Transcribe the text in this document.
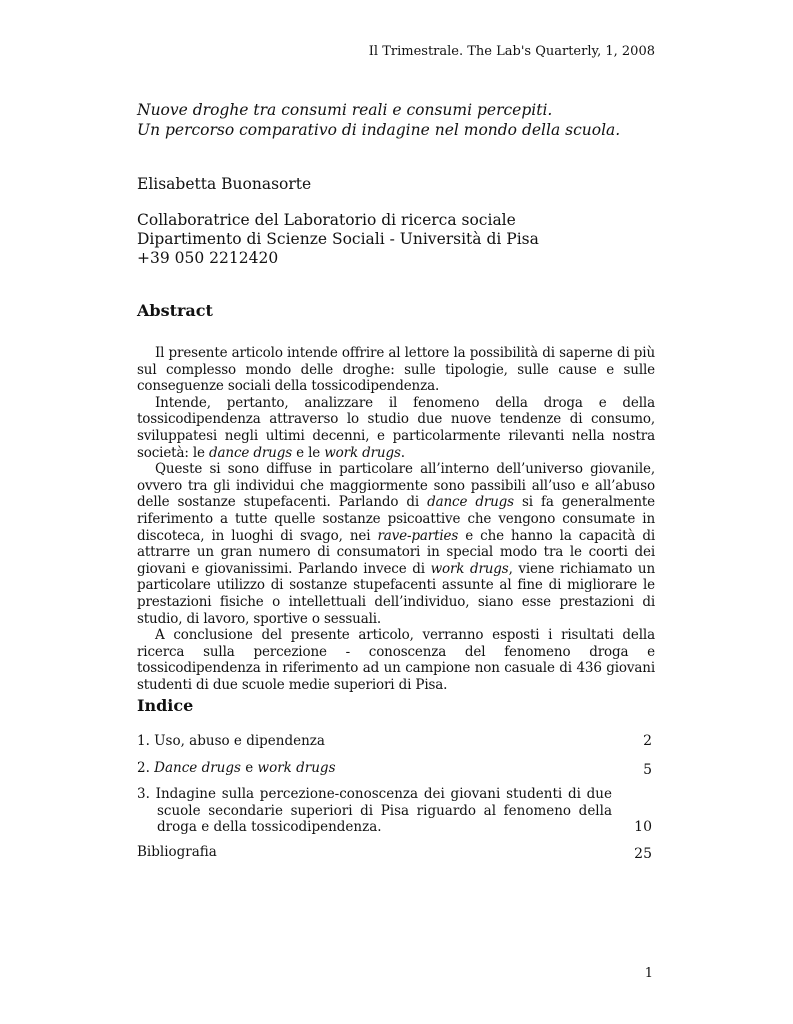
Il Trimestrale. The Lab's Quarterly, 1, 2008
Nuove droghe tra consumi reali e consumi percepiti.
Un percorso comparativo di indagine nel mondo della scuola.
Elisabetta Buonasorte
Collaboratrice del Laboratorio di ricerca sociale
Dipartimento di Scienze Sociali - Università di Pisa
+39 050 2212420
Abstract

Il presente articolo intende offrire al lettore la possibilità di saperne di più sul complesso mondo delle droghe: sulle tipologie, sulle cause e sulle conseguenze sociali della tossicodipendenza.

Intende, pertanto, analizzare il fenomeno della droga e della tossicodipendenza attraverso lo studio due nuove tendenze di consumo, sviluppatesi negli ultimi decenni, e particolarmente rilevanti nella nostra società: le dance drugs e le work drugs.

Queste si sono diffuse in particolare all’interno dell’universo giovanile, ovvero tra gli individui che maggiormente sono passibili all’uso e all’abuso delle sostanze stupefacenti. Parlando di dance drugs si fa generalmente riferimento a tutte quelle sostanze psicoattive che vengono consumate in discoteca, in luoghi di svago, nei rave-parties e che hanno la capacità di attrarre un gran numero di consumatori in special modo tra le coorti dei giovani e giovanissimi. Parlando invece di work drugs, viene richiamato un particolare utilizzo di sostanze stupefacenti assunte al fine di migliorare le prestazioni fisiche o intellettuali dell’individuo, siano esse prestazioni di studio, di lavoro, sportive o sessuali.

A conclusione del presente articolo, verranno esposti i risultati della ricerca sulla percezione - conoscenza del fenomeno droga e tossicodipendenza in riferimento ad un campione non casuale di 436 giovani studenti di due scuole medie superiori di Pisa.

Indice
1. Uso, abuso e dipendenza	2
2. Dance drugs e work drugs	5
3. Indagine sulla percezione-conoscenza dei giovani studenti di due scuole secondarie superiori di Pisa riguardo al fenomeno della droga e della tossicodipendenza.	10
Bibliografia	25
1
